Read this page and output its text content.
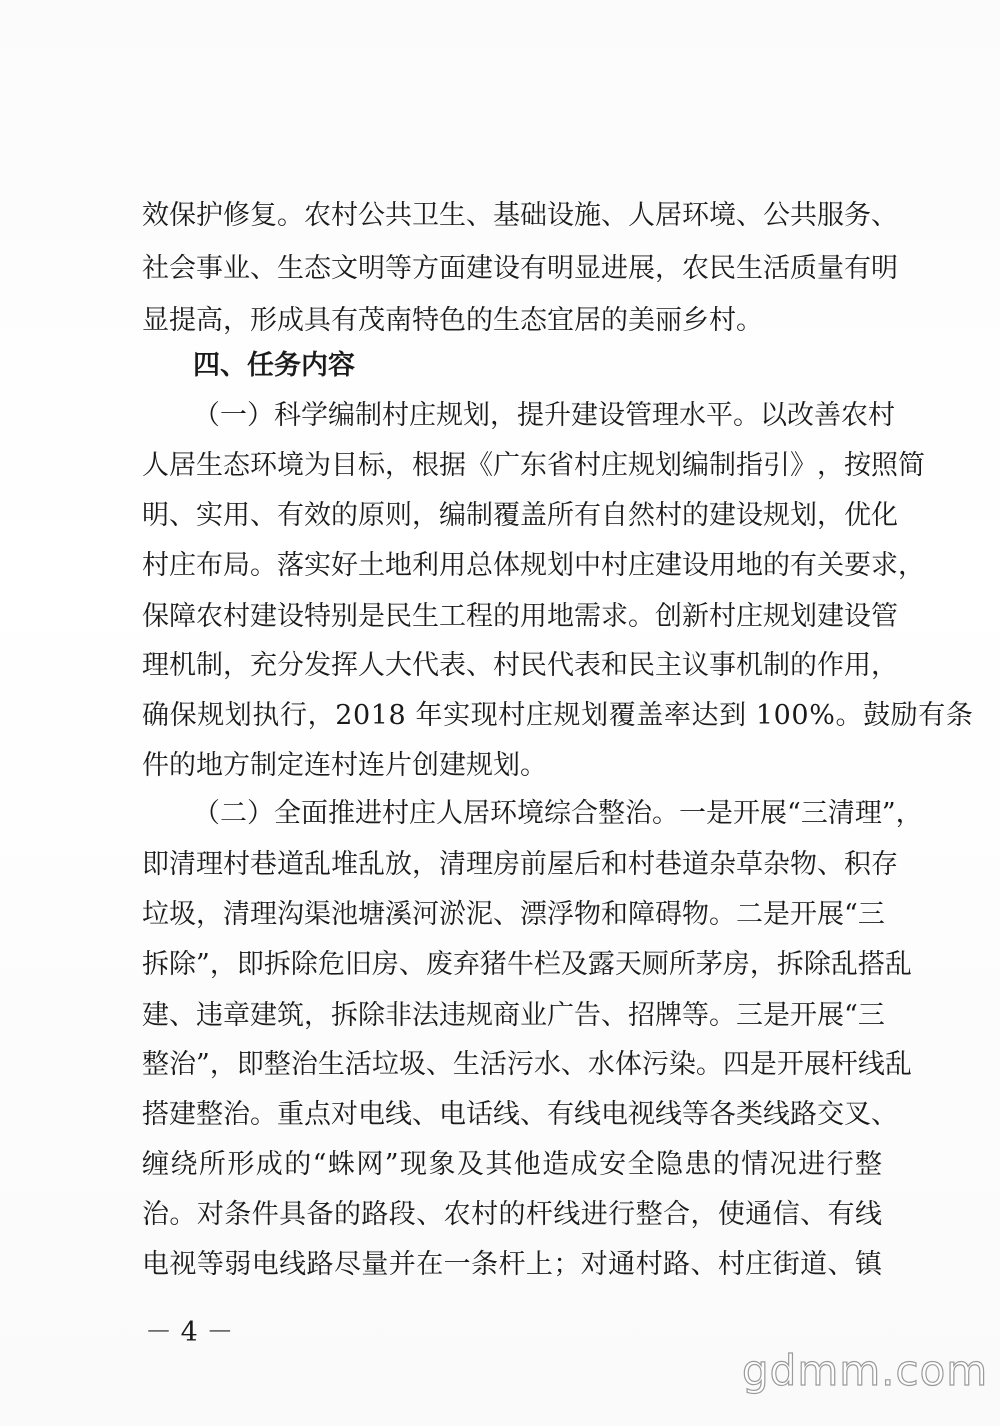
效 保 护 修 复 。 农 村 公 共 卫 生 、 基 础 设 施 、 人 居 环 境 、 公 共 服 务 、
社 会 事 业 、 生 态 文 明 等 方 面 建 设 有 明 显 进 展 ， 农 民 生 活 质 量 有 明
显提高，形成具有茂南特色的生态宜居的美丽乡村。
四、任务内容
（ 一 ） 科 学 编 制 村 庄 规 划 ， 提 升 建 设 管 理 水 平 。 以 改 善 农 村
人 居 生 态 环 境 为 目 标 ， 根 据 《 广 东 省 村 庄 规 划 编 制 指 引 》 ， 按 照 简
明 、 实 用 、 有 效 的 原 则 ， 编 制 覆 盖 所 有 自 然 村 的 建 设 规 划 ， 优 化
村 庄 布 局 。 落 实 好 土 地 利 用 总 体 规 划 中 村 庄 建 设 用 地 的 有 关 要 求 ，
保 障 农 村 建 设 特 别 是 民 生 工 程 的 用 地 需 求 。 创 新 村 庄 规 划 建 设 管
理 机 制 ， 充 分 发 挥 人 大 代 表 、 村 民 代 表 和 民 主 议 事 机 制 的 作 用 ，
确保规划执行，2018 年实现村庄规划覆盖率达到 100%。鼓励有条
件的地方制定连村连片创建规划。
（ 二 ） 全 面 推 进 村 庄 人 居 环 境 综 合 整 治 。 一 是 开 展 “ 三 清 理 ” ，
即 清 理 村 巷 道 乱 堆 乱 放 ， 清 理 房 前 屋 后 和 村 巷 道 杂 草 杂 物 、 积 存
垃 圾 ， 清 理 沟 渠 池 塘 溪 河 淤 泥 、 漂 浮 物 和 障 碍 物 。 二 是 开 展 “ 三
拆 除 ” ， 即 拆 除 危 旧 房 、 废 弃 猪 牛 栏 及 露 天 厕 所 茅 房 ， 拆 除 乱 搭 乱
建 、 违 章 建 筑 ， 拆 除 非 法 违 规 商 业 广 告 、 招 牌 等 。 三 是 开 展 “ 三
整 治 ” ， 即 整 治 生 活 垃 圾 、 生 活 污 水 、 水 体 污 染 。 四 是 开 展 杆 线 乱
搭 建 整 治 。 重 点 对 电 线 、 电 话 线 、 有 线 电 视 线 等 各 类 线 路 交 叉 、
缠 绕 所 形 成 的 “ 蛛 网 ” 现 象 及 其 他 造 成 安 全 隐 患 的 情 况 进 行 整
治 。 对 条 件 具 备 的 路 段 、 农 村 的 杆 线 进 行 整 合 ， 使 通 信 、 有 线
电 视 等 弱 电 线 路 尽 量 并 在 一 条 杆 上 ； 对 通 村 路 、 村 庄 街 道 、 镇
－ 4 －
gdmm.com
